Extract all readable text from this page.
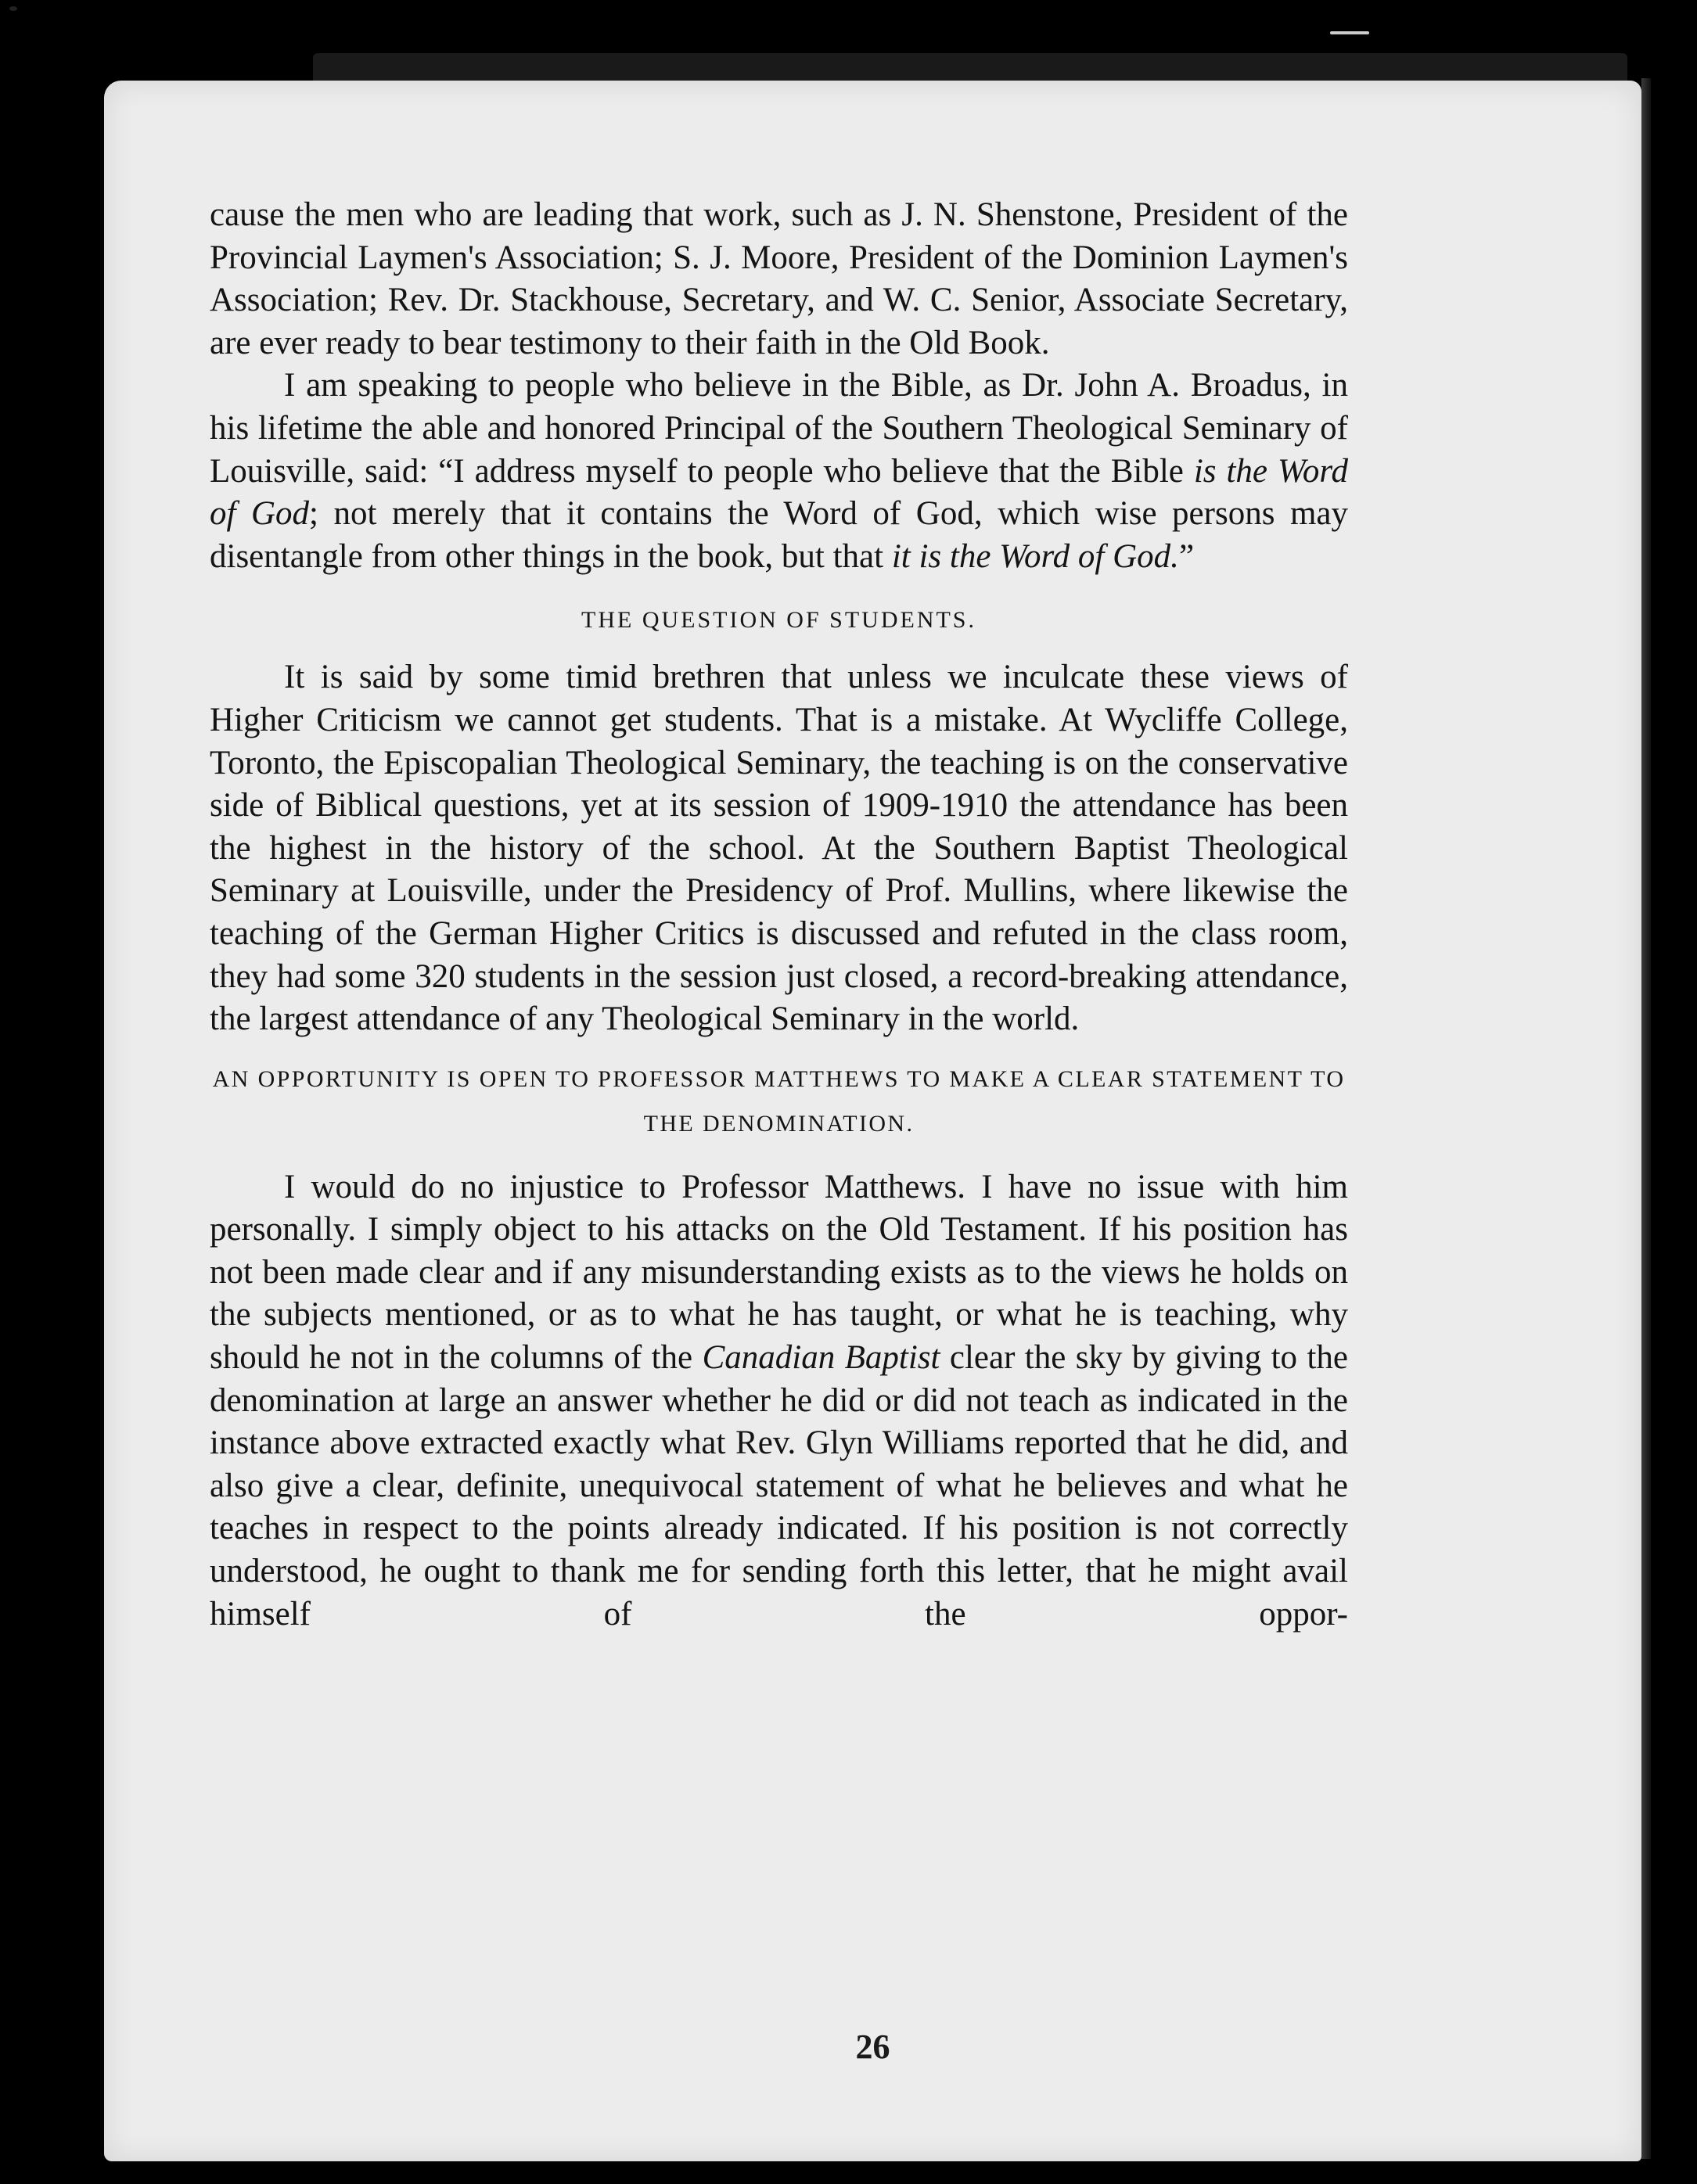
26

cause the men who are leading that work, such as J. N. Shenstone, President of the Provincial Laymen's Association; S. J. Moore, President of the Dominion Laymen's Association; Rev. Dr. Stackhouse, Secretary, and W. C. Senior, Associate Secretary, are ever ready to bear testimony to their faith in the Old Book.

I am speaking to people who believe in the Bible, as Dr. John A. Broadus, in his lifetime the able and honored Principal of the Southern Theological Seminary of Louisville, said: “I address myself to people who believe that the Bible is the Word of God; not merely that it contains the Word of God, which wise persons may disentangle from other things in the book, but that it is the Word of God.”

THE QUESTION OF STUDENTS.

It is said by some timid brethren that unless we inculcate these views of Higher Criticism we cannot get students. That is a mistake. At Wycliffe College, Toronto, the Episcopalian Theological Seminary, the teaching is on the conservative side of Biblical questions, yet at its session of 1909-1910 the attendance has been the highest in the history of the school. At the Southern Baptist Theological Seminary at Louisville, under the Presidency of Prof. Mullins, where likewise the teaching of the German Higher Critics is discussed and refuted in the class room, they had some 320 students in the session just closed, a record-breaking attendance, the largest attendance of any Theological Seminary in the world.

AN OPPORTUNITY IS OPEN TO PROFESSOR MATTHEWS TO MAKE A CLEAR STATEMENT TO THE DENOMINATION.

I would do no injustice to Professor Matthews. I have no issue with him personally. I simply object to his attacks on the Old Testament. If his position has not been made clear and if any misunderstanding exists as to the views he holds on the subjects mentioned, or as to what he has taught, or what he is teaching, why should he not in the columns of the Canadian Baptist clear the sky by giving to the denomination at large an answer whether he did or did not teach as indicated in the instance above extracted exactly what Rev. Glyn Williams reported that he did, and also give a clear, definite, unequivocal statement of what he believes and what he teaches in respect to the points already indicated. If his position is not correctly understood, he ought to thank me for sending forth this letter, that he might avail himself of the oppor-
